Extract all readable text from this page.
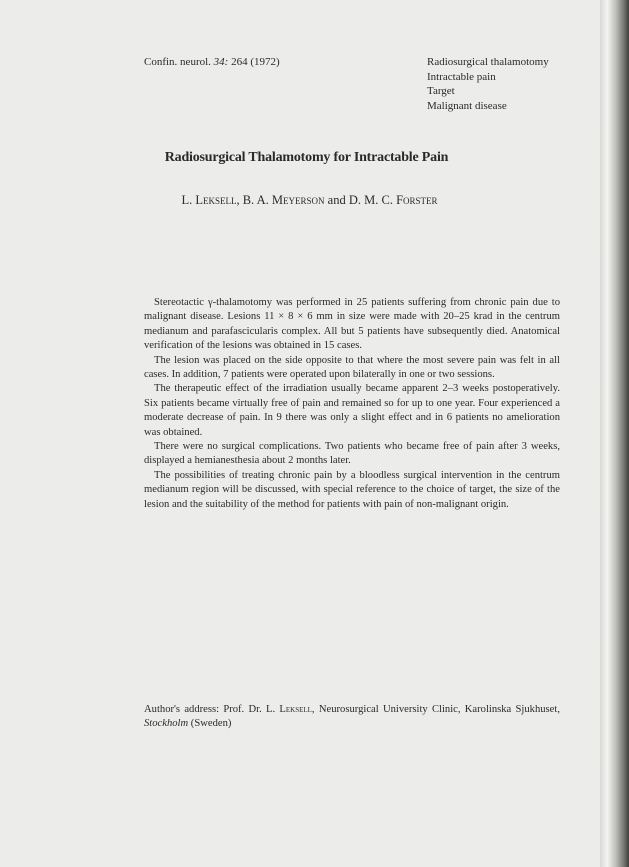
Confin. neurol. 34: 264 (1972)	Radiosurgical thalamotomy
Intractable pain
Target
Malignant disease
Radiosurgical Thalamotomy for Intractable Pain
L. Leksell, B. A. Meyerson and D. M. C. Forster

Stereotactic γ-thalamotomy was performed in 25 patients suffering from chronic pain due to malignant disease. Lesions 11 × 8 × 6 mm in size were made with 20–25 krad in the centrum medianum and parafascicularis complex. All but 5 patients have subsequently died. Anatomical verification of the lesions was obtained in 15 cases.

The lesion was placed on the side opposite to that where the most severe pain was felt in all cases. In addition, 7 patients were operated upon bilaterally in one or two sessions.

The therapeutic effect of the irradiation usually became apparent 2–3 weeks postoperatively. Six patients became virtually free of pain and remained so for up to one year. Four experienced a moderate decrease of pain. In 9 there was only a slight effect and in 6 patients no amelioration was obtained.

There were no surgical complications. Two patients who became free of pain after 3 weeks, displayed a hemianesthesia about 2 months later.

The possibilities of treating chronic pain by a bloodless surgical intervention in the centrum medianum region will be discussed, with special reference to the choice of target, the size of the lesion and the suitability of the method for patients with pain of non-malignant origin.

Author's address: Prof. Dr. L. Leksell, Neurosurgical University Clinic, Karolinska Sjukhuset, Stockholm (Sweden)
